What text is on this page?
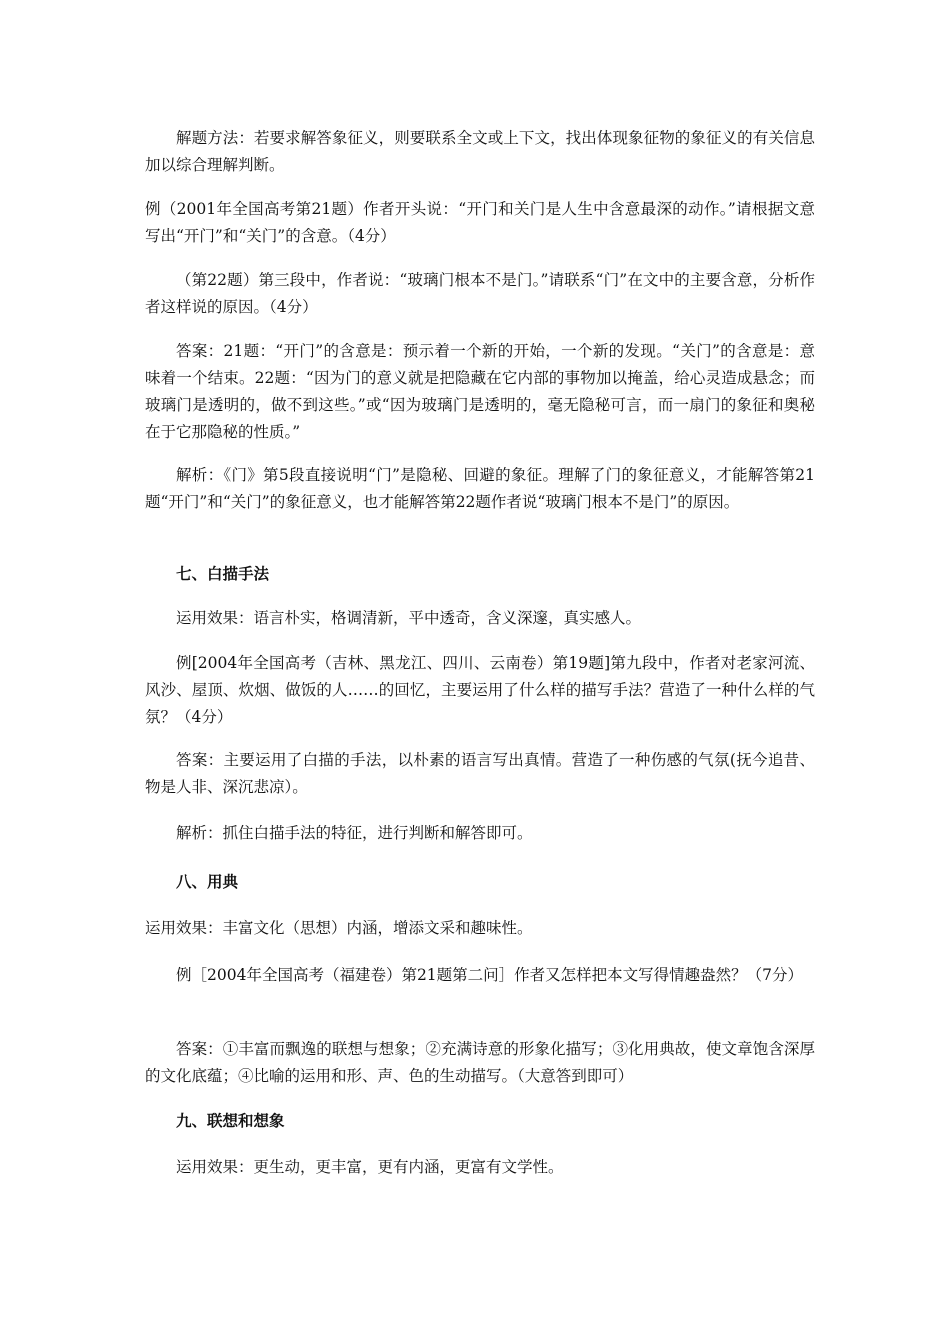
解题方法：若要求解答象征义，则要联系全文或上下文，找出体现象征物的象征义的有关信息加以综合理解判断。

例（2001年全国高考第21题）作者开头说：“开门和关门是人生中含意最深的动作。”请根据文意写出“开门”和“关门”的含意。（4分）

（第22题）第三段中，作者说：“玻璃门根本不是门。”请联系“门”在文中的主要含意，分析作者这样说的原因。（4分）

答案：21题：“开门”的含意是：预示着一个新的开始，一个新的发现。“关门”的含意是：意味着一个结束。22题：“因为门的意义就是把隐藏在它内部的事物加以掩盖，给心灵造成悬念；而玻璃门是透明的，做不到这些。”或“因为玻璃门是透明的，毫无隐秘可言，而一扇门的象征和奥秘在于它那隐秘的性质。”

解析：《门》第5段直接说明“门”是隐秘、回避的象征。理解了门的象征意义，才能解答第21题“开门”和“关门”的象征意义，也才能解答第22题作者说“玻璃门根本不是门”的原因。

七、白描手法

运用效果：语言朴实，格调清新，平中透奇，含义深邃，真实感人。

例[2004年全国高考（吉林、黑龙江、四川、云南卷）第19题]第九段中，作者对老家河流、风沙、屋顶、炊烟、做饭的人……的回忆，主要运用了什么样的描写手法？营造了一种什么样的气氛？（4分）

答案：主要运用了白描的手法，以朴素的语言写出真情。营造了一种伤感的气氛(抚今追昔、物是人非、深沉悲凉）。

解析：抓住白描手法的特征，进行判断和解答即可。

八、用典

运用效果：丰富文化（思想）内涵，增添文采和趣味性。

例［2004年全国高考（福建卷）第21题第二问］作者又怎样把本文写得情趣盎然？（7分）

答案：①丰富而飘逸的联想与想象；②充满诗意的形象化描写；③化用典故，使文章饱含深厚的文化底蕴；④比喻的运用和形、声、色的生动描写。（大意答到即可）

九、联想和想象

运用效果：更生动，更丰富，更有内涵，更富有文学性。
